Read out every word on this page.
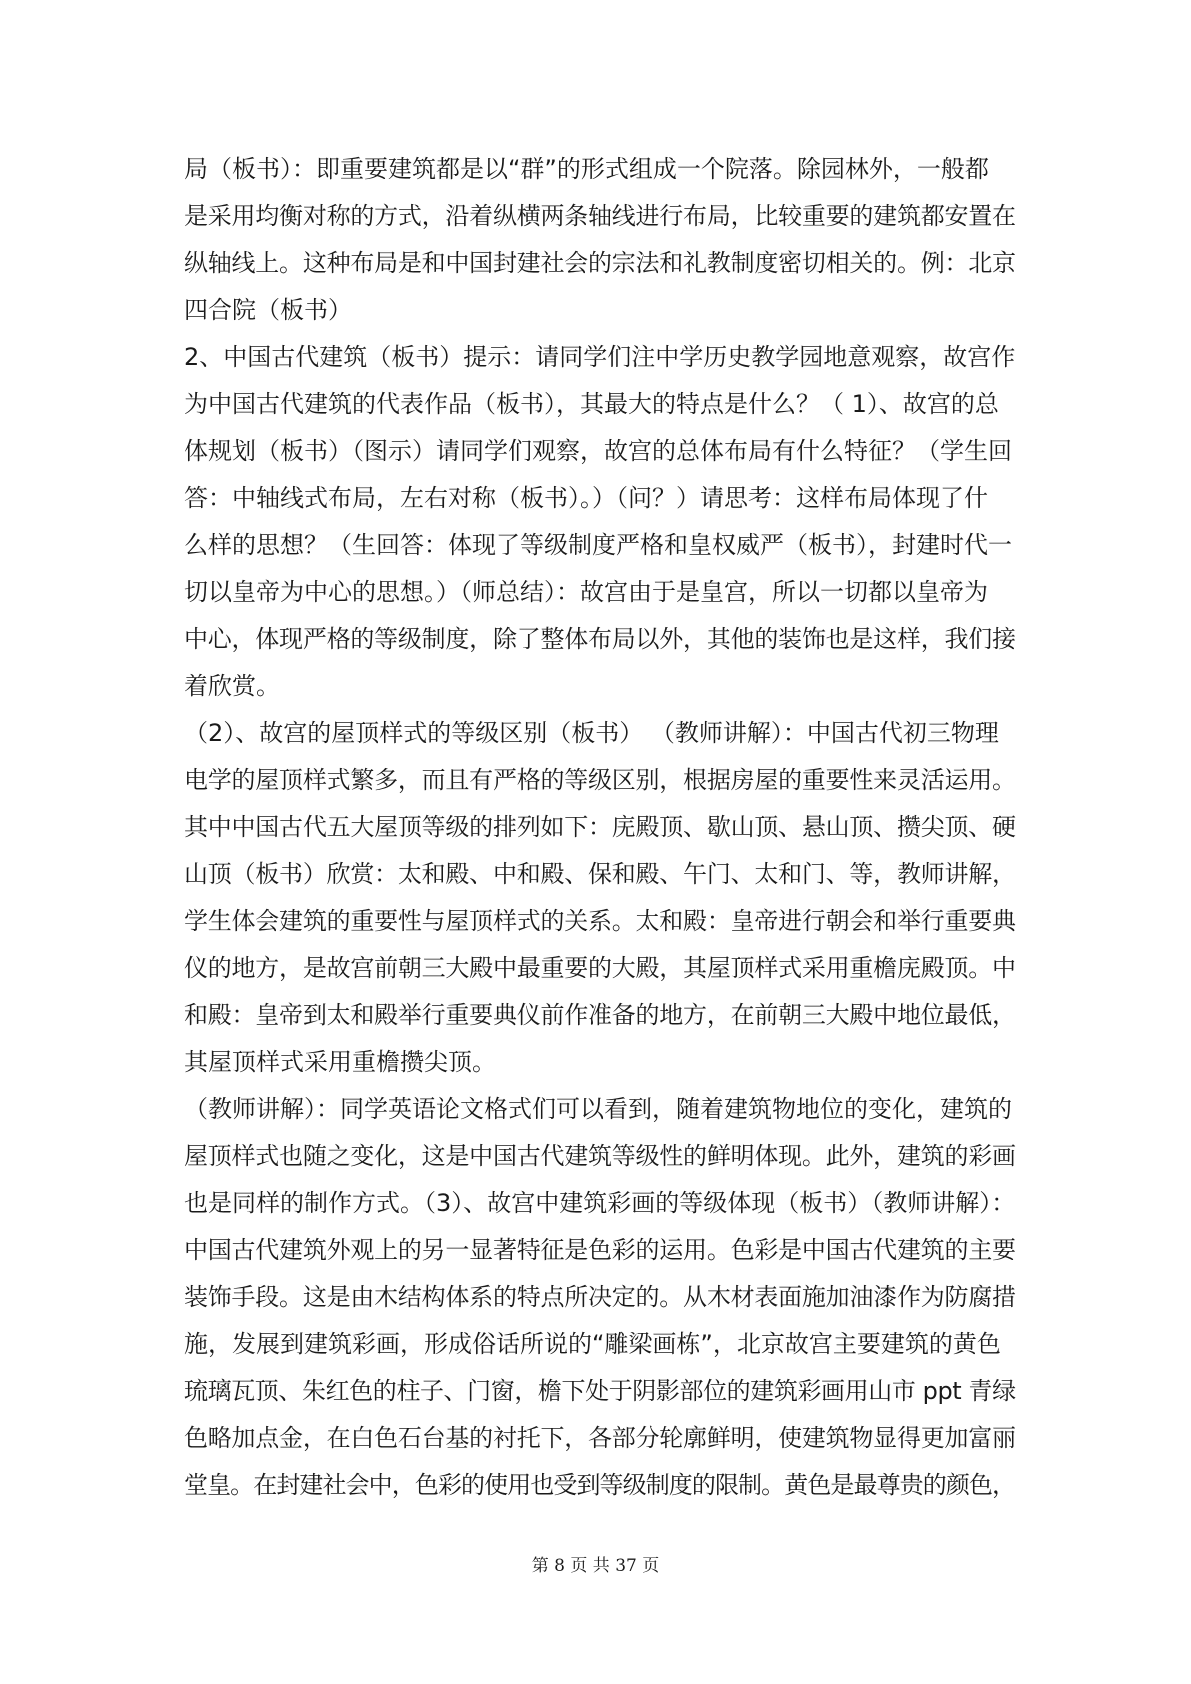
局（板书）：即重要建筑都是以“群”的形式组成一个院落。除园林外，一般都
是采用均衡对称的方式，沿着纵横两条轴线进行布局，比较重要的建筑都安置在
纵轴线上。这种布局是和中国封建社会的宗法和礼教制度密切相关的。例：北京
四合院（板书）
2、中国古代建筑（板书）提示：请同学们注中学历史教学园地意观察，故宫作
为中国古代建筑的代表作品（板书），其最大的特点是什么？（ 1）、故宫的总
体规划（板书）（图示）请同学们观察，故宫的总体布局有什么特征？（学生回
答：中轴线式布局，左右对称（板书）。）（问？）请思考：这样布局体现了什
么样的思想？（生回答：体现了等级制度严格和皇权威严（板书），封建时代一
切以皇帝为中心的思想。）（师总结）：故宫由于是皇宫，所以一切都以皇帝为
中心，体现严格的等级制度，除了整体布局以外，其他的装饰也是这样，我们接
着欣赏。
（2）、故宫的屋顶样式的等级区别（板书） （教师讲解）：中国古代初三物理
电学的屋顶样式繁多，而且有严格的等级区别，根据房屋的重要性来灵活运用。
其中中国古代五大屋顶等级的排列如下：庑殿顶、歇山顶、悬山顶、攒尖顶、硬
山顶（板书）欣赏：太和殿、中和殿、保和殿、午门、太和门、等，教师讲解，
学生体会建筑的重要性与屋顶样式的关系。太和殿：皇帝进行朝会和举行重要典
仪的地方，是故宫前朝三大殿中最重要的大殿，其屋顶样式采用重檐庑殿顶。中
和殿：皇帝到太和殿举行重要典仪前作准备的地方，在前朝三大殿中地位最低，
其屋顶样式采用重檐攒尖顶。
（教师讲解）：同学英语论文格式们可以看到，随着建筑物地位的变化，建筑的
屋顶样式也随之变化，这是中国古代建筑等级性的鲜明体现。此外，建筑的彩画
也是同样的制作方式。（3）、故宫中建筑彩画的等级体现（板书）（教师讲解）：
中国古代建筑外观上的另一显著特征是色彩的运用。色彩是中国古代建筑的主要
装饰手段。这是由木结构体系的特点所决定的。从木材表面施加油漆作为防腐措
施，发展到建筑彩画，形成俗话所说的“雕梁画栋”，北京故宫主要建筑的黄色
琉璃瓦顶、朱红色的柱子、门窗，檐下处于阴影部位的建筑彩画用山市 ppt 青绿
色略加点金，在白色石台基的衬托下，各部分轮廓鲜明，使建筑物显得更加富丽
堂皇。在封建社会中，色彩的使用也受到等级制度的限制。黄色是最尊贵的颜色，
第 8 页 共 37 页
